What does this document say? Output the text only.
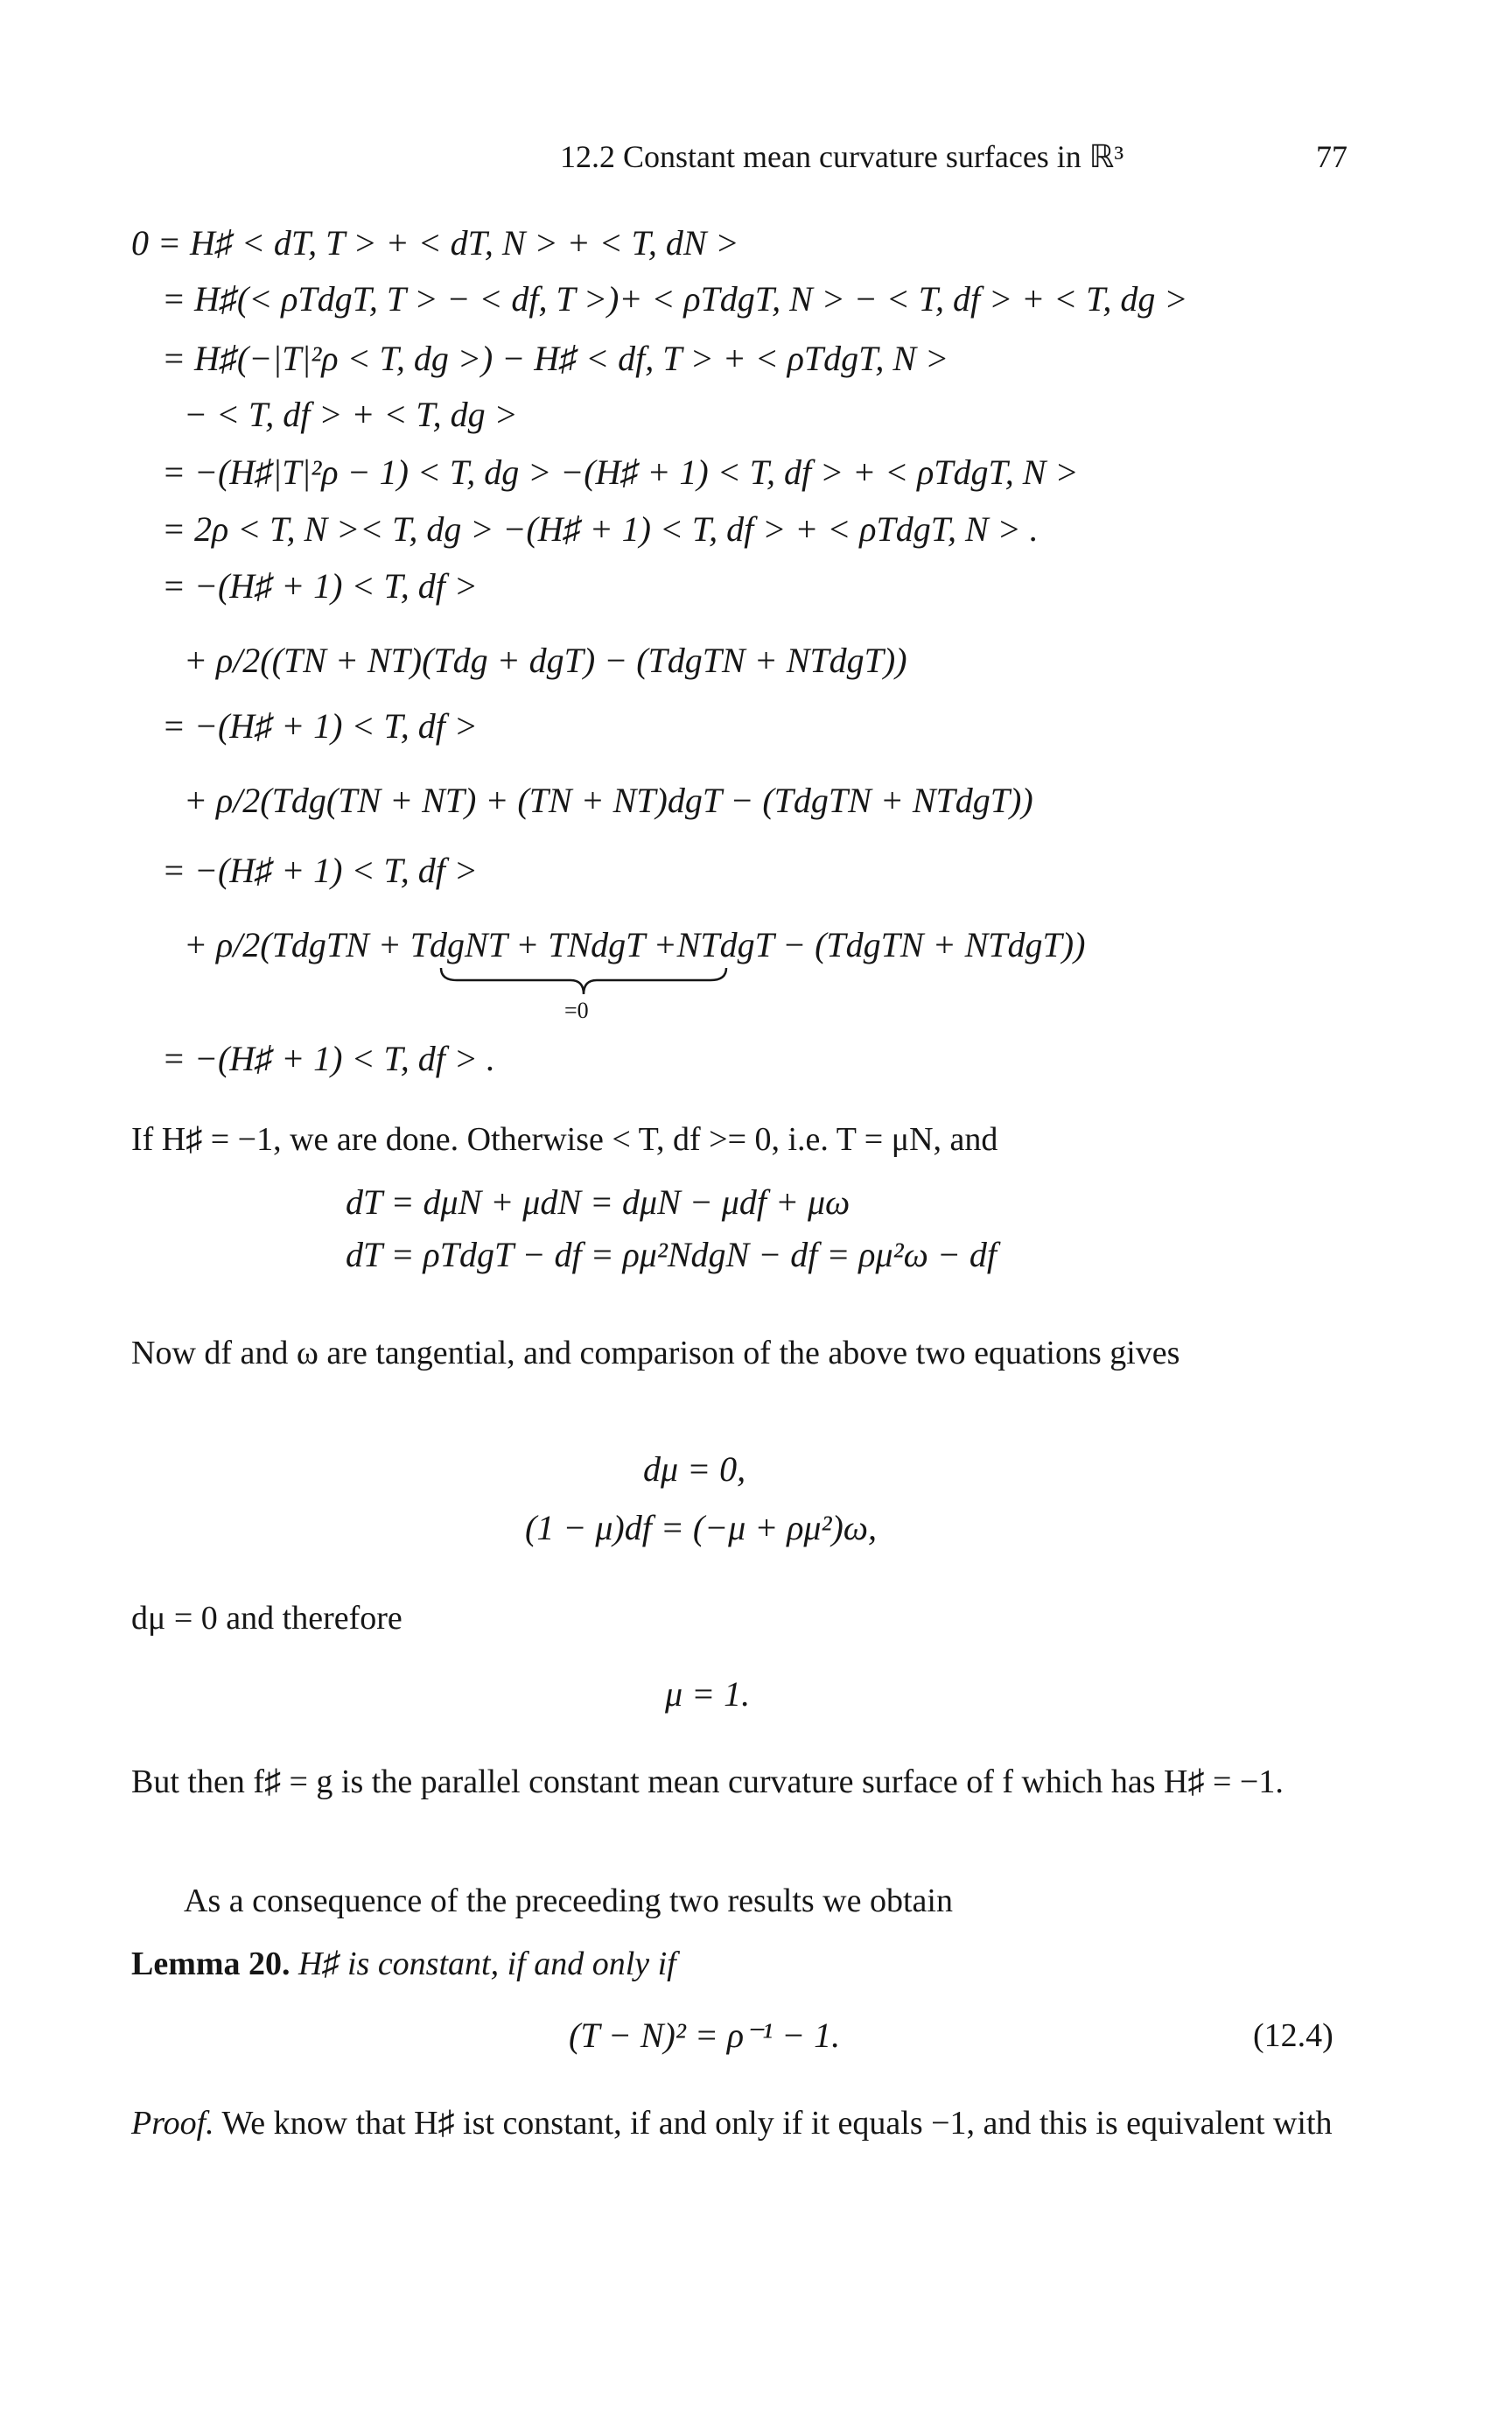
12.2 Constant mean curvature surfaces in ℝ³	77
0 = H♯ < dT, T > + < dT, N > + < T, dN >
= H♯(< ρTdgT, T > − < df, T >)+ < ρTdgT, N > − < T, df > + < T, dg >
= H♯(−|T|²ρ < T, dg >) − H♯ < df, T > + < ρTdgT, N >
− < T, df > + < T, dg >
= −(H♯|T|²ρ − 1) < T, dg > −(H♯ + 1) < T, df > + < ρTdgT, N >
= 2ρ < T, N >< T, dg > −(H♯ + 1) < T, df > + < ρTdgT, N > .
= −(H♯ + 1) < T, df >
+ ρ/2((TN + NT)(Tdg + dgT) − (TdgTN + NTdgT))
= −(H♯ + 1) < T, df >
+ ρ/2(Tdg(TN + NT) + (TN + NT)dgT − (TdgTN + NTdgT))
= −(H♯ + 1) < T, df >
+ ρ/2(TdgTN + TdgNT + TNdgT +NTdgT − (TdgTN + NTdgT))
=0
= −(H♯ + 1) < T, df > .
If H♯ = −1, we are done. Otherwise < T, df >= 0, i.e. T = μN, and
dT = dμN + μdN = dμN − μdf + μω
dT = ρTdgT − df = ρμ²NdgN − df = ρμ²ω − df
Now df and ω are tangential, and comparison of the above two equations gives
dμ = 0,
(1 − μ)df = (−μ + ρμ²)ω,
dμ = 0 and therefore
μ = 1.
But then f♯ = g is the parallel constant mean curvature surface of f which has H♯ = −1.
As a consequence of the preceeding two results we obtain
Lemma 20. H♯ is constant, if and only if
(T − N)² = ρ⁻¹ − 1.	(12.4)
Proof. We know that H♯ ist constant, if and only if it equals −1, and this is equivalent with
